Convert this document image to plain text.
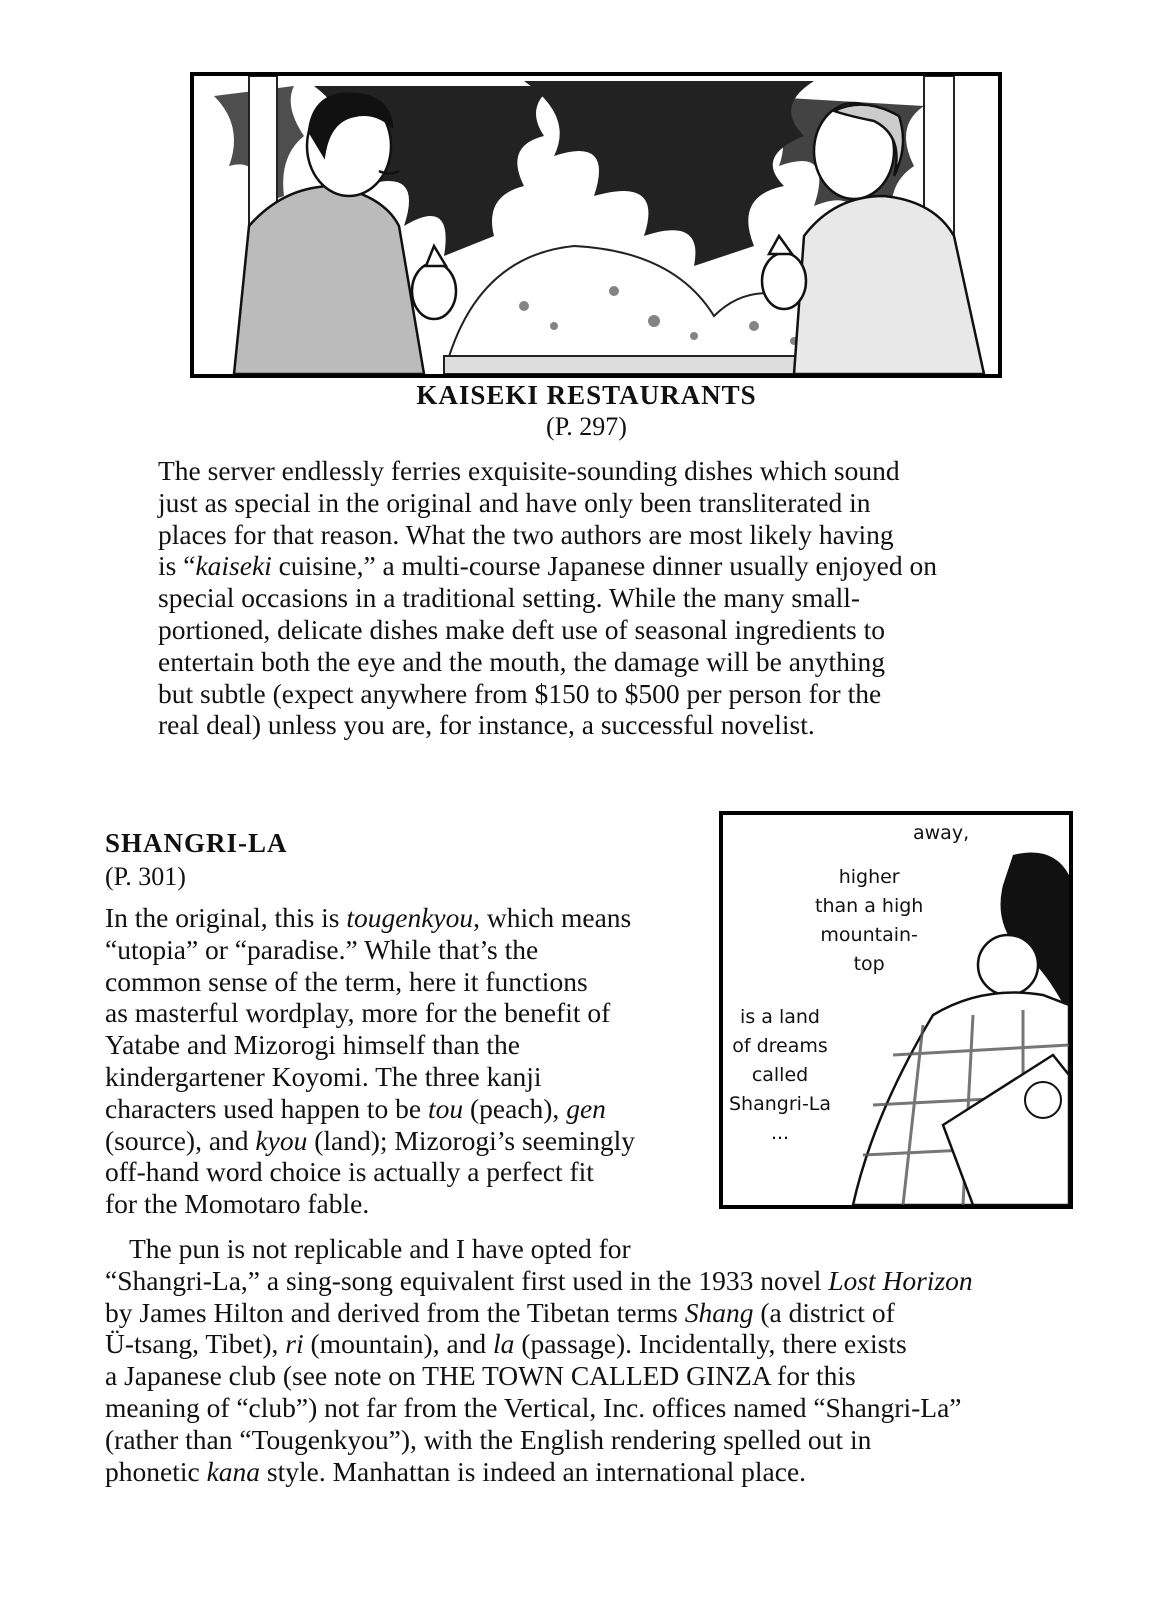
KAISEKI RESTAURANTS
(P. 297)
The server endlessly ferries exquisite-sounding dishes which sound
just as special in the original and have only been transliterated in
places for that reason. What the two authors are most likely having
is “kaiseki cuisine,” a multi-course Japanese dinner usually enjoyed on
special occasions in a traditional setting. While the many small-
portioned, delicate dishes make deft use of seasonal ingredients to
entertain both the eye and the mouth, the damage will be anything
but subtle (expect anywhere from $150 to $500 per person for the
real deal) unless you are, for instance, a successful novelist.
SHANGRI-LA
(P. 301)
In the original, this is tougenkyou, which means
“utopia” or “paradise.” While that’s the
common sense of the term, here it functions
as masterful wordplay, more for the benefit of
Yatabe and Mizorogi himself than the
kindergartener Koyomi. The three kanji
characters used happen to be tou (peach), gen
(source), and kyou (land); Mizorogi’s seemingly
off-hand word choice is actually a perfect fit
for the Momotaro fable.
The pun is not replicable and I have opted for
“Shangri-La,” a sing-song equivalent first used in the 1933 novel Lost Horizon
by James Hilton and derived from the Tibetan terms Shang (a district of
Ü-tsang, Tibet), ri (mountain), and la (passage). Incidentally, there exists
a Japanese club (see note on THE TOWN CALLED GINZA for this
meaning of “club”) not far from the Vertical, Inc. offices named “Shangri-La”
(rather than “Tougenkyou”), with the English rendering spelled out in
phonetic kana style. Manhattan is indeed an international place.
away,
higher
than a high
mountain-
top
is a land
of dreams
called
Shangri-La
...
